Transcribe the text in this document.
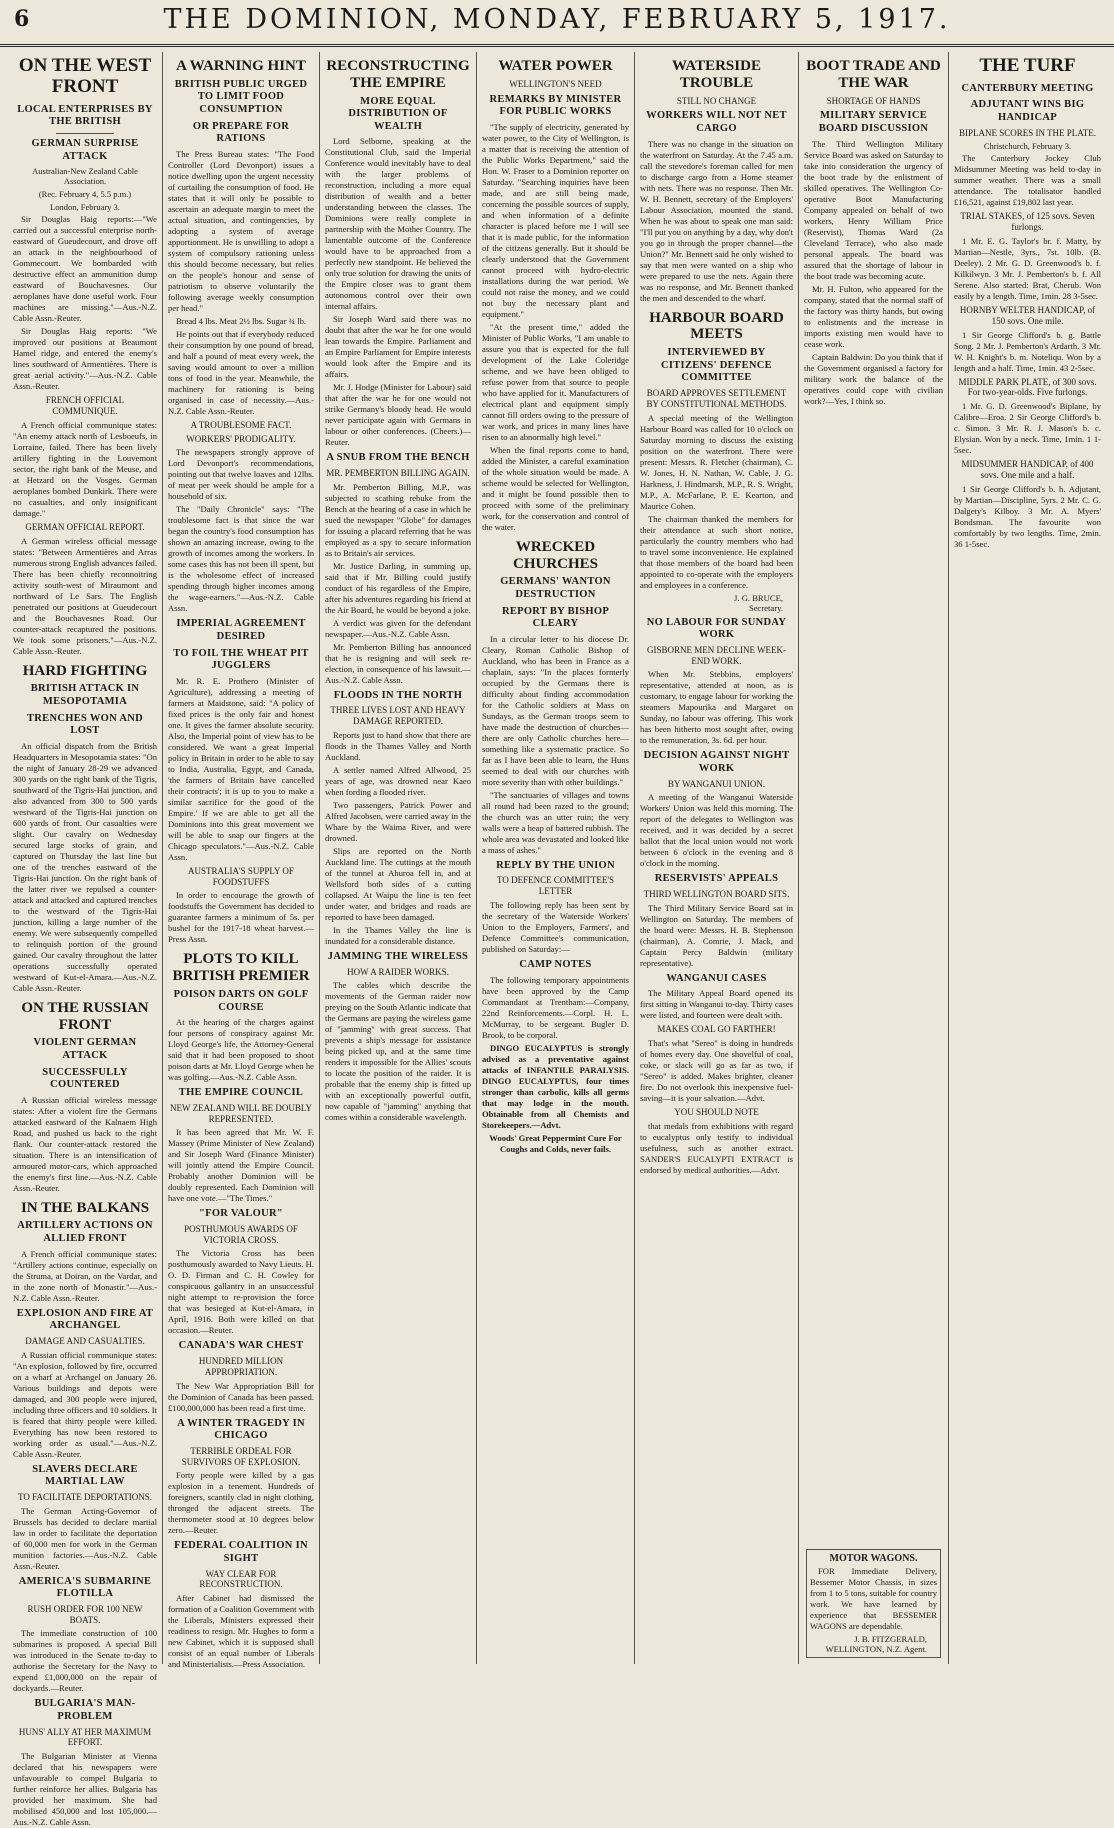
6	THE DOMINION, MONDAY, FEBRUARY 5, 1917.
ON THE WEST FRONT
LOCAL ENTERPRISES BY THE BRITISH
GERMAN SURPRISE ATTACK
Australian-New Zealand Cable Association.
(Rec. February 4, 5.5 p.m.)
London, February 3.

Sir Douglas Haig reports:—"We carried out a successful enterprise north-eastward of Gueudecourt, and drove off an attack in the neighbourhood of Gommecourt. We bombarded with destructive effect an ammunition dump eastward of Bouchavesnes. Our aeroplanes have done useful work. Four machines are missing."—Aus.-N.Z. Cable Assn.-Reuter.

Sir Douglas Haig reports: "We improved our positions at Beaumont Hamel ridge, and entered the enemy's lines southward of Armentières. There is great aerial activity."—Aus.-N.Z. Cable Assn.-Reuter.

FRENCH OFFICIAL COMMUNIQUE.

A French official communique states: "An enemy attack north of Lesboeufs, in Lorraine, failed. There has been lively artillery fighting in the Louvemont sector, the right bank of the Meuse, and at Hetzard on the Vosges. German aeroplanes bombed Dunkirk. There were no casualties, and only insignificant damage."

GERMAN OFFICIAL REPORT.

A German wireless official message states: "Between Armentières and Arras numerous strong English advances failed. There has been chiefly reconnoitring activity south-west of Miraumont and northward of Le Sars. The English penetrated our positions at Gueudecourt and the Bouchavesnes Road. Our counter-attack recaptured the positions. We took some prisoners."—Aus.-N.Z. Cable Assn.-Reuter.

HARD FIGHTING
BRITISH ATTACK IN MESOPOTAMIA
TRENCHES WON AND LOST

An official dispatch from the British Headquarters in Mesopotamia states: "On the night of January 28-29 we advanced 300 yards on the right bank of the Tigris, southward of the Tigris-Hai junction, and also advanced from 300 to 500 yards westward of the Tigris-Hai junction on 600 yards of front. Our casualties were slight. Our cavalry on Wednesday secured large stocks of grain, and captured on Thursday the last line but one of the trenches eastward of the Tigris-Hai junction. On the right bank of the latter river we repulsed a counter-attack and attacked and captured trenches to the westward of the Tigris-Hai junction, killing a large number of the enemy. We were subsequently compelled to relinquish portion of the ground gained. Our cavalry throughout the latter operations successfully operated westward of Kut-el-Amara.—Aus.-N.Z. Cable Assn.-Reuter.

ON THE RUSSIAN FRONT
VIOLENT GERMAN ATTACK
SUCCESSFULLY COUNTERED

A Russian official wireless message states: After a violent fire the Germans attacked eastward of the Kalnaem High Road, and pushed us back to the right flank. Our counter-attack restored the situation. There is an intensification of armoured motor-cars, which approached the enemy's first line.—Aus.-N.Z. Cable Assn.-Reuter.

IN THE BALKANS
ARTILLERY ACTIONS ON ALLIED FRONT

A French official communique states: "Artillery actions continue, especially on the Struma, at Doiran, on the Vardar, and in the zone north of Monastir."—Aus.-N.Z. Cable Assn.-Reuter.

EXPLOSION AND FIRE AT ARCHANGEL
DAMAGE AND CASUALTIES.

A Russian official communique states: "An explosion, followed by fire, occurred on a wharf at Archangel on January 26. Various buildings and depots were damaged, and 300 people were injured, including three officers and 10 soldiers. It is feared that thirty people were killed. Everything has now been restored to working order as usual."—Aus.-N.Z. Cable Assn.-Reuter.

SLAVERS DECLARE MARTIAL LAW
TO FACILITATE DEPORTATIONS.

The German Acting-Governor of Brussels has decided to declare martial law in order to facilitate the deportation of 60,000 men for work in the German munition factories.—Aus.-N.Z. Cable Assn.-Reuter.

AMERICA'S SUBMARINE FLOTILLA
RUSH ORDER FOR 100 NEW BOATS.

The immediate construction of 100 submarines is proposed. A special Bill was introduced in the Senate to-day to authorise the Secretary for the Navy to expend £1,000,000 on the repair of dockyards.—Reuter.

BULGARIA'S MAN-PROBLEM
HUNS' ALLY AT HER MAXIMUM EFFORT.

The Bulgarian Minister at Vienna declared that his newspapers were unfavourable to compel Bulgaria to further reinforce her allies. Bulgaria has provided her maximum. She had mobilised 450,000 and lost 105,000.—Aus.-N.Z. Cable Assn.

A WARNING HINT
BRITISH PUBLIC URGED TO LIMIT FOOD CONSUMPTION
OR PREPARE FOR RATIONS

The Press Bureau states: "The Food Controller (Lord Devonport) issues a notice dwelling upon the urgent necessity of curtailing the consumption of food. He states that it will only be possible to ascertain an adequate margin to meet the actual situation, and contingencies, by adopting a system of average apportionment. He is unwilling to adopt a system of compulsory rationing unless this should become necessary, but relies on the people's honour and sense of patriotism to observe voluntarily the following average weekly consumption per head."

Bread 4 lbs. Meat 2½ lbs. Sugar ¾ lb.

He points out that if everybody reduced their consumption by one pound of bread, and half a pound of meat every week, the saving would amount to over a million tons of food in the year. Meanwhile, the machinery for rationing is being organised in case of necessity.—Aus.-N.Z. Cable Assn.-Reuter.

A TROUBLESOME FACT.
WORKERS' PRODIGALITY.

The newspapers strongly approve of Lord Devonport's recommendations, pointing out that twelve loaves and 12lbs. of meat per week should be ample for a household of six.

The "Daily Chronicle" says: "The troublesome fact is that since the war began the country's food consumption has shown an amazing increase, owing to the growth of incomes among the workers. In some cases this has not been ill spent, but is the wholesome effect of increased spending through higher incomes among the wage-earners."—Aus.-N.Z. Cable Assn.

IMPERIAL AGREEMENT DESIRED
TO FOIL THE WHEAT PIT JUGGLERS

Mr. R. E. Prothero (Minister of Agriculture), addressing a meeting of farmers at Maidstone, said: "A policy of fixed prices is the only fair and honest one. It gives the farmer absolute security. Also, the Imperial point of view has to be considered. We want a great Imperial policy in Britain in order to be able to say to India, Australia, Egypt, and Canada, 'the farmers of Britain have cancelled their contracts'; it is up to you to make a similar sacrifice for the good of the Empire.' If we are able to get all the Dominions into this great movement we will be able to snap our fingers at the Chicago speculators."—Aus.-N.Z. Cable Assn.

AUSTRALIA'S SUPPLY OF FOODSTUFFS

In order to encourage the growth of foodstuffs the Government has decided to guarantee farmers a minimum of 5s. per bushel for the 1917-18 wheat harvest.—Press Assn.

PLOTS TO KILL BRITISH PREMIER
POISON DARTS ON GOLF COURSE

At the hearing of the charges against four persons of conspiracy against Mr. Lloyd George's life, the Attorney-General said that it had been proposed to shoot poison darts at Mr. Lloyd George when he was golfing.—Aus.-N.Z. Cable Assn.

THE EMPIRE COUNCIL
NEW ZEALAND WILL BE DOUBLY REPRESENTED.

It has been agreed that Mr. W. F. Massey (Prime Minister of New Zealand) and Sir Joseph Ward (Finance Minister) will jointly attend the Empire Council. Probably another Dominion will be doubly represented. Each Dominion will have one vote.—"The Times."

"FOR VALOUR"
POSTHUMOUS AWARDS OF VICTORIA CROSS.

The Victoria Cross has been posthumously awarded to Navy Lieuts. H. O. D. Firman and C. H. Cowley for conspicuous gallantry in an unsuccessful night attempt to re-provision the force that was besieged at Kut-el-Amara, in April, 1916. Both were killed on that occasion.—Reuter.

CANADA'S WAR CHEST
HUNDRED MILLION APPROPRIATION.

The New War Appropriation Bill for the Dominion of Canada has been passed. £100,000,000 has been read a first time.

A WINTER TRAGEDY IN CHICAGO
TERRIBLE ORDEAL FOR SURVIVORS OF EXPLOSION.

Forty people were killed by a gas explosion in a tenement. Hundreds of foreigners, scantily clad in night clothing, thronged the adjacent streets. The thermometer stood at 10 degrees below zero.—Reuter.

FEDERAL COALITION IN SIGHT
WAY CLEAR FOR RECONSTRUCTION.

After Cabinet had dismissed the formation of a Coalition Government with the Liberals, Ministers expressed their readiness to resign. Mr. Hughes to form a new Cabinet, which it is supposed shall consist of an equal number of Liberals and Ministerialists.—Press Association.

RECONSTRUCTING THE EMPIRE
MORE EQUAL DISTRIBUTION OF WEALTH

Lord Selborne, speaking at the Constitutional Club, said the Imperial Conference would inevitably have to deal with the larger problems of reconstruction, including a more equal distribution of wealth and a better understanding between the classes. The Dominions were really complete in partnership with the Mother Country. The lamentable outcome of the Conference would have to be approached from a perfectly new standpoint. He believed the only true solution for drawing the units of the Empire closer was to grant them autonomous control over their own internal affairs.

Sir Joseph Ward said there was no doubt that after the war he for one would lean towards the Empire. Parliament and an Empire Parliament for Empire interests would look after the Empire and its affairs.

Mr. J. Hodge (Minister for Labour) said that after the war he for one would not strike Germany's bloody head. He would never participate again with Germans in labour or other conferences. (Cheers.)—Reuter.

A SNUB FROM THE BENCH
MR. PEMBERTON BILLING AGAIN.

Mr. Pemberton Billing, M.P., was subjected to scathing rebuke from the Bench at the hearing of a case in which he sued the newspaper "Globe" for damages for issuing a placard referring that he was employed as a spy to secure information as to Britain's air services.

Mr. Justice Darling, in summing up, said that if Mr. Billing could justify conduct of his regardless of the Empire, after his adventures regarding his friend at the Air Board, he would be beyond a joke.

A verdict was given for the defendant newspaper.—Aus.-N.Z. Cable Assn.

Mr. Pemberton Billing has announced that he is resigning and will seek re-election, in consequence of his lawsuit.—Aus.-N.Z. Cable Assn.

FLOODS IN THE NORTH
THREE LIVES LOST AND HEAVY DAMAGE REPORTED.

Reports just to hand show that there are floods in the Thames Valley and North Auckland.

A settler named Alfred Allwood, 25 years of age, was drowned near Kaeo when fording a flooded river.

Two passengers, Patrick Power and Alfred Jacobsen, were carried away in the Whare by the Waima River, and were drowned.

Slips are reported on the North Auckland line. The cuttings at the mouth of the tunnel at Ahuroa fell in, and at Wellsford both sides of a cutting collapsed. At Waipu the line is ten feet under water, and bridges and roads are reported to have been damaged.

In the Thames Valley the line is inundated for a considerable distance.

JAMMING THE WIRELESS
HOW A RAIDER WORKS.

The cables which describe the movements of the German raider now preying on the South Atlantic indicate that the Germans are paying the wireless game of "jamming" with great success. That prevents a ship's message for assistance being picked up, and at the same time renders it impossible for the Allies' scouts to locate the position of the raider. It is probable that the enemy ship is fitted up with an exceptionally powerful outfit, now capable of "jamming" anything that comes within a considerable wavelength.

WATER POWER
WELLINGTON'S NEED
REMARKS BY MINISTER FOR PUBLIC WORKS

"The supply of electricity, generated by water power, to the City of Wellington, is a matter that is receiving the attention of the Public Works Department," said the Hon. W. Fraser to a Dominion reporter on Saturday. "Searching inquiries have been made, and are still being made, concerning the possible sources of supply, and when information of a definite character is placed before me I will see that it is made public, for the information of the citizens generally. But it should be clearly understood that the Government cannot proceed with hydro-electric installations during the war period. We could not raise the money, and we could not buy the necessary plant and equipment."

"At the present time," added the Minister of Public Works, "I am unable to assure you that is expected for the full development of the Lake Coleridge scheme, and we have been obliged to refuse power from that source to people who have applied for it. Manufacturers of electrical plant and equipment simply cannot fill orders owing to the pressure of war work, and prices in many lines have risen to an abnormally high level."

When the final reports come to hand, added the Minister, a careful examination of the whole situation would be made. A scheme would be selected for Wellington, and it might be found possible then to proceed with some of the preliminary work, for the conservation and control of the water.

WRECKED CHURCHES
GERMANS' WANTON DESTRUCTION
REPORT BY BISHOP CLEARY

In a circular letter to his diocese Dr. Cleary, Roman Catholic Bishop of Auckland, who has been in France as a chaplain, says: "In the places formerly occupied by the Germans there is difficulty about finding accommodation for the Catholic soldiers at Mass on Sundays, as the German troops seem to have made the destruction of churches—there are only Catholic churches here—something like a systematic practice. So far as I have been able to learn, the Huns seemed to deal with our churches with more severity than with other buildings."

"The sanctuaries of villages and towns all round had been razed to the ground; the church was an utter ruin; the very walls were a heap of battered rubbish. The whole area was devastated and looked like a mass of ashes."

REPLY BY THE UNION
TO DEFENCE COMMITTEE'S LETTER

The following reply has been sent by the secretary of the Waterside Workers' Union to the Employers, Farmers', and Defence Committee's communication, published on Saturday:—

CAMP NOTES

The following temporary appointments have been approved by the Camp Commandant at Trentham:—Company, 22nd Reinforcements.—Corpl. H. L. McMurray, to be sergeant. Bugler D. Brook, to be corporal.

DINGO EUCALYPTUS is strongly advised as a preventative against attacks of INFANTILE PARALYSIS. DINGO EUCALYPTUS, four times stronger than carbolic, kills all germs that may lodge in the mouth. Obtainable from all Chemists and Storekeepers.—Advt.

Woods' Great Peppermint Cure For Coughs and Colds, never fails.

WATERSIDE TROUBLE
STILL NO CHANGE
WORKERS WILL NOT NET CARGO

There was no change in the situation on the waterfront on Saturday. At the 7.45 a.m. call the stevedore's foreman called for men to discharge cargo from a Home steamer with nets. There was no response. Then Mr. W. H. Bennett, secretary of the Employers' Labour Association, mounted the stand. When he was about to speak one man said: "I'll put you on anything by a day, why don't you go in through the proper channel—the Union?" Mr. Bennett said he only wished to say that men were wanted on a ship who were prepared to use the nets. Again there was no response, and Mr. Bennett thanked the men and descended to the wharf.

HARBOUR BOARD MEETS
INTERVIEWED BY CITIZENS' DEFENCE COMMITTEE
BOARD APPROVES SETTLEMENT BY CONSTITUTIONAL METHODS.

A special meeting of the Wellington Harbour Board was called for 10 o'clock on Saturday morning to discuss the existing position on the waterfront. There were present: Messrs. R. Fletcher (chairman), C. W. Jones, H. N. Nathan, W. Cable, J. G. Harkness, J. Hindmarsh, M.P., R. S. Wright, M.P., A. McFarlane, P. E. Kearton, and Maurice Cohen.

The chairman thanked the members for their attendance at such short notice, particularly the country members who had to travel some inconvenience. He explained that those members of the board had been appointed to co-operate with the employers and employees in a conference.

J. G. BRUCE,
Secretary.
NO LABOUR FOR SUNDAY WORK
GISBORNE MEN DECLINE WEEK-END WORK.

When Mr. Stebbins, employers' representative, attended at noon, as is customary, to engage labour for working the steamers Mapourika and Margaret on Sunday, no labour was offering. This work has been hitherto most sought after, owing to the remuneration, 3s. 6d. per hour.

DECISION AGAINST NIGHT WORK
BY WANGANUI UNION.

A meeting of the Wanganui Waterside Workers' Union was held this morning. The report of the delegates to Wellington was received, and it was decided by a secret ballot that the local union would not work between 6 o'clock in the evening and 8 o'clock in the morning.

RESERVISTS' APPEALS
THIRD WELLINGTON BOARD SITS.

The Third Military Service Board sat in Wellington on Saturday. The members of the board were: Messrs. H. B. Stephenson (chairman), A. Comrie, J. Mack, and Captain Percy Baldwin (military representative).

WANGANUI CASES

The Military Appeal Board opened its first sitting in Wanganui to-day. Thirty cases were listed, and fourteen were dealt with.

MAKES COAL GO FARTHER!

That's what "Sereo" is doing in hundreds of homes every day. One shovelful of coal, coke, or slack will go as far as two, if "Sereo" is added. Makes brighter, cleaner fire. Do not overlook this inexpensive fuel-saving—it is your salvation.—Advt.

YOU SHOULD NOTE

that medals from exhibitions with regard to eucalyptus only testify to individual usefulness, such as another extract. SANDER'S EUCALYPTI EXTRACT is endorsed by medical authorities.—Advt.

BOOT TRADE AND THE WAR
SHORTAGE OF HANDS
MILITARY SERVICE BOARD DISCUSSION

The Third Wellington Military Service Board was asked on Saturday to take into consideration the urgency of the boot trade by the enlistment of skilled operatives. The Wellington Co-operative Boot Manufacturing Company appealed on behalf of two workers, Henry William Price (Reservist), Thomas Ward (2a Cleveland Terrace), who also made personal appeals. The board was assured that the shortage of labour in the boot trade was becoming acute.

Mr. H. Fulton, who appeared for the company, stated that the normal staff of the factory was thirty hands, but owing to enlistments and the increase in imports existing men would have to cease work.

Captain Baldwin: Do you think that if the Government organised a factory for military work the balance of the operatives could cope with civilian work?—Yes, I think so.

MOTOR WAGONS.

FOR Immediate Delivery, Bessemer Motor Chassis, in sizes from 1 to 5 tons, suitable for country work. We have learned by experience that BESSEMER WAGONS are dependable.

J. B. FITZGERALD,
WELLINGTON, N.Z. Agent.
THE TURF
CANTERBURY MEETING
ADJUTANT WINS BIG HANDICAP
BIPLANE SCORES IN THE PLATE.
Christchurch, February 3.

The Canterbury Jockey Club Midsummer Meeting was held to-day in summer weather. There was a small attendance. The totalisator handled £16,521, against £19,802 last year.

TRIAL STAKES, of 125 sovs. Seven furlongs.

1 Mr. E. G. Taylor's br. f. Matty, by Martian—Nestle, 3yrs., 7st. 10lb. (B. Deeley). 2 Mr. G. D. Greenwood's b. f. Kilkilwyn. 3 Mr. J. Pemberton's b. f. All Serene. Also started: Brat, Cherub. Won easily by a length. Time, 1min. 28 3-5sec.

HORNBY WELTER HANDICAP, of 150 sovs. One mile.

1 Sir George Clifford's b. g. Battle Song. 2 Mr. J. Pemberton's Ardarth. 3 Mr. W. H. Knight's b. m. Noteliqu. Won by a length and a half. Time, 1min. 43 2-5sec.

MIDDLE PARK PLATE, of 300 sovs. For two-year-olds. Five furlongs.

1 Mr. G. D. Greenwood's Biplane, by Calibre—Eroa. 2 Sir George Clifford's b. c. Simon. 3 Mr. R. J. Mason's b. c. Elysian. Won by a neck. Time, 1min. 1 1-5sec.

MIDSUMMER HANDICAP, of 400 sovs. One mile and a half.

1 Sir George Clifford's b. h. Adjutant, by Martian—Discipline, 5yrs. 2 Mr. C. G. Dalgety's Kilboy. 3 Mr. A. Myers' Bondsman. The favourite won comfortably by two lengths. Time, 2min. 36 1-5sec.
